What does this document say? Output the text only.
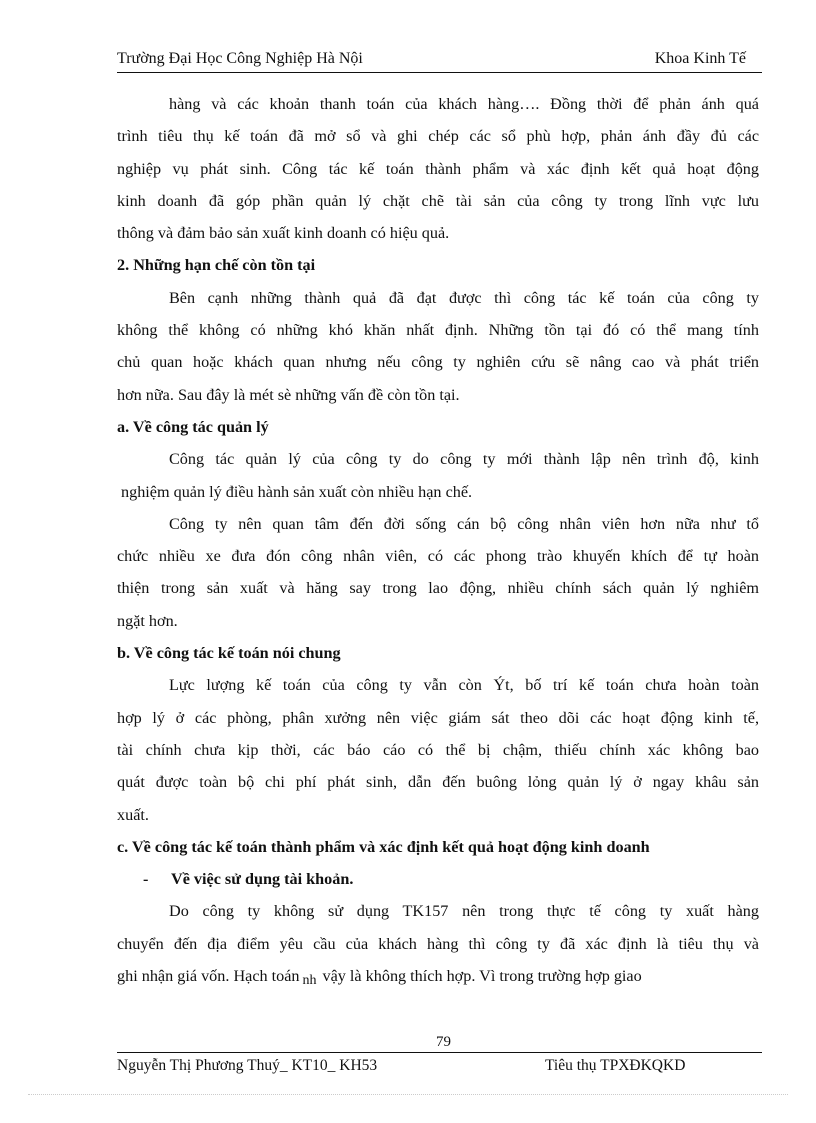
Trường Đại Học Công Nghiệp Hà Nội	Khoa Kinh Tế
hàng và các khoản thanh toán của khách hàng…. Đồng thời để phản ánh quá
trình tiêu thụ kế toán đã mở sổ và ghi chép các sổ phù hợp, phản ánh đầy đủ các
nghiệp vụ phát sinh. Công tác kế toán thành phẩm và xác định kết quả hoạt động
kinh doanh đã góp phần quản lý chặt chẽ tài sản của công ty trong lĩnh vực lưu
thông và đảm bảo sản xuất kinh doanh có hiệu quả.
2. Những hạn chế còn tồn tại
Bên cạnh những thành quả đã đạt được thì công tác kế toán của công ty
không thể không có những khó khăn nhất định. Những tồn tại đó có thể mang tính
chủ quan hoặc khách quan nhưng nếu công ty nghiên cứu sẽ nâng cao và phát triển
hơn nữa. Sau đây là mét sè những vấn đề còn tồn tại.
a. Về công tác quản lý
Công tác quản lý của công ty do công ty mới thành lập nên trình độ, kinh
nghiệm quản lý điều hành sản xuất còn nhiều hạn chế.
Công ty nên quan tâm đến đời sống cán bộ công nhân viên hơn nữa như tổ
chức nhiều xe đưa đón công nhân viên, có các phong trào khuyến khích để tự hoàn
thiện trong sản xuất và hăng say trong lao động, nhiều chính sách quản lý nghiêm
ngặt hơn.
b. Về công tác kế toán nói chung
Lực lượng kế toán của công ty vẫn còn Ýt, bố trí kế toán chưa hoàn toàn
hợp lý ở các phòng, phân xưởng nên việc giám sát theo dõi các hoạt động kinh tế,
tài chính chưa kịp thời, các báo cáo có thể bị chậm, thiếu chính xác không bao
quát được toàn bộ chi phí phát sinh, dẫn đến buông lỏng quản lý ở ngay khâu sản
xuất.
c. Về công tác kế toán thành phẩm và xác định kết quả hoạt động kinh doanh
- Về việc sử dụng tài khoản.
Do công ty không sử dụng TK157 nên trong thực tế công ty xuất hàng
chuyển đến địa điểm yêu cầu của khách hàng thì công ty đã xác định là tiêu thụ và
ghi nhận giá vốn. Hạch toán nh vậy là không thích hợp. Vì trong trường hợp giao
79
Nguyễn Thị Phương Thuý_ KT10_ KH53	Tiêu thụ TPXĐKQKD
